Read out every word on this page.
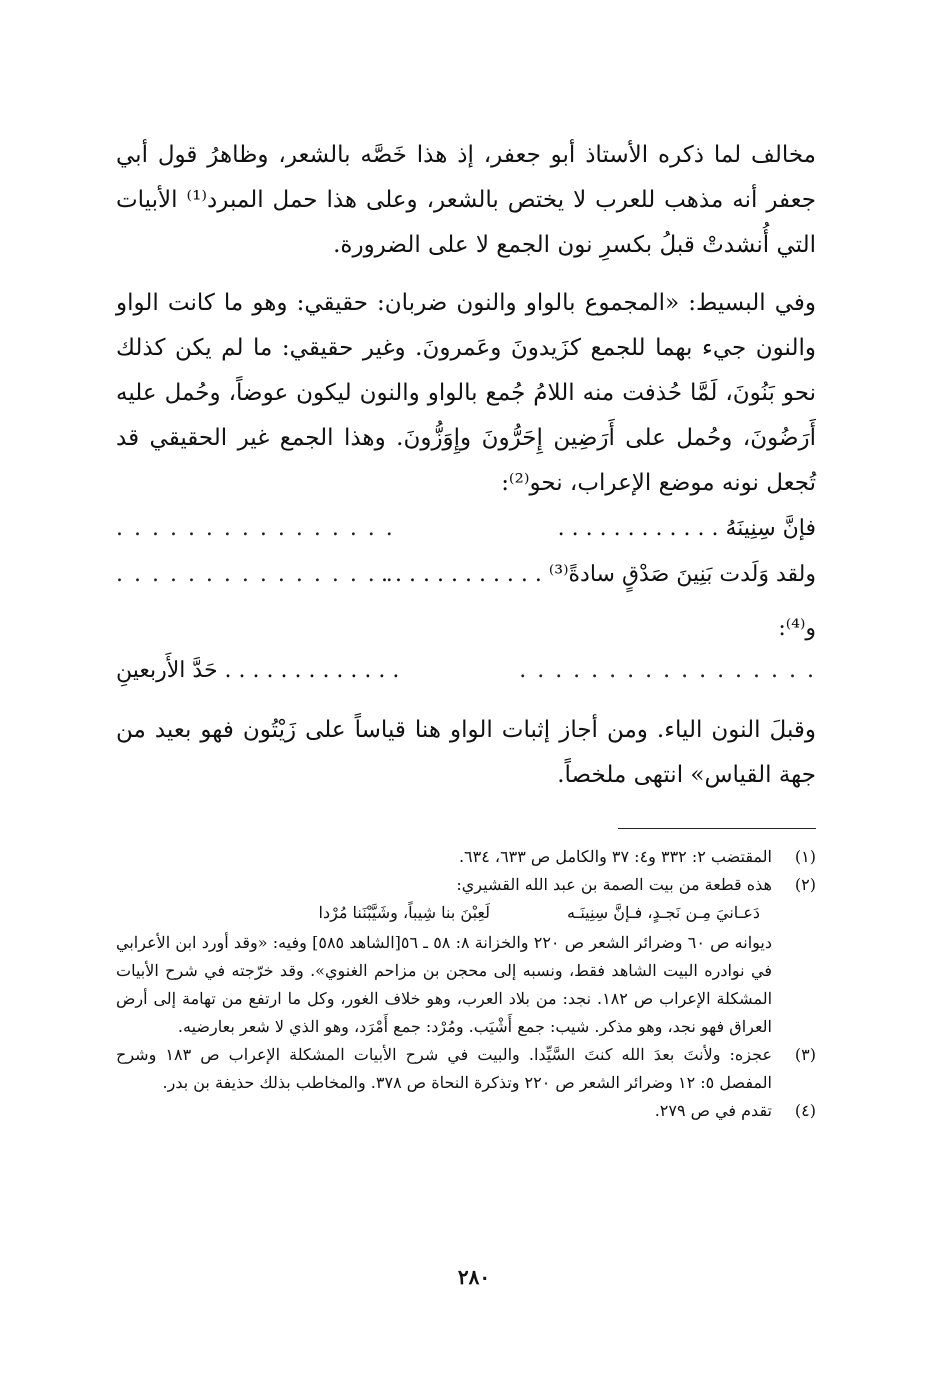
مخالف لما ذكره الأستاذ أبو جعفر، إذ هذا خَصَّه بالشعر، وظاهرُ قول أبي جعفر أنه مذهب للعرب لا يختص بالشعر، وعلى هذا حمل المبرد⁽¹⁾ الأبيات التي أُنشدتْ قبلُ بكسرِ نون الجمع لا على الضرورة.

وفي البسيط: «المجموع بالواو والنون ضربان: حقيقي: وهو ما كانت الواو والنون جيء بهما للجمع كزَيدونَ وعَمرونَ. وغير حقيقي: ما لم يكن كذلك نحو بَنُونَ، لَمَّا حُذفت منه اللامُ جُمع بالواو والنون ليكون عوضاً، وحُمل عليه أَرَضُونَ، وحُمل على أَرَضِين إِحَرُّونَ وإِوَزُّونَ. وهذا الجمع غير الحقيقي قد تُجعل نونه موضع الإعراب، نحو⁽²⁾:

فإنَّ سِنِينَهُ . . . . . . . . . . . .
. . . . . . . . . . . . . . . .
ولقد وَلَدت بَنِينَ صَدْقٍ سادةً⁽³⁾ . . . . . . . . . . . .
. . . . . . . . . . . . . . . .
و⁽⁴⁾:
. . . . . . . . . . . . . . . . .
. . . . . . . . . . . . . حَدَّ الأَربعينِ

وقبلَ النون الياء. ومن أجاز إثبات الواو هنا قياساً على زَيْتُون فهو بعيد من جهة القياس» انتهى ملخصاً.

(١)
المقتضب ٢: ٣٣٢ و٤: ٣٧ والكامل ص ٦٣٣، ٦٣٤.
(٢)
هذه قطعة من بيت الصمة بن عبد الله القشيري:
دَعـانيَ مِـن نَجـدٍ، فـإنَّ سِنِينَـه
لَعِبْنَ بنا شِيباً، وشَيَّبْنَنا مُرْدا
ديوانه ص ٦٠ وضرائر الشعر ص ٢٢٠ والخزانة ٨: ٥٨ ـ ٥٦[الشاهد ٥٨٥] وفيه: «وقد أورد ابن الأعرابي في نوادره البيت الشاهد فقط، ونسبه إلى محجن بن مزاحم الغنوي». وقد خرّجته في شرح الأبيات المشكلة الإعراب ص ١٨٢. نجد: من بلاد العرب، وهو خلاف الغور، وكل ما ارتفع من تهامة إلى أرض العراق فهو نجد، وهو مذكر. شيب: جمع أَشْيَب. ومُرْد: جمع أَمْرَد، وهو الذي لا شعر بعارضيه.
(٣)
عجزه: ولأنتَ بعدَ الله كنتَ السَّيِّدا. والبيت في شرح الأبيات المشكلة الإعراب ص ١٨٣ وشرح المفصل ٥: ١٢ وضرائر الشعر ص ٢٢٠ وتذكرة النحاة ص ٣٧٨. والمخاطب بذلك حذيفة بن بدر.
(٤)
تقدم في ص ٢٧٩.
٢٨٠
